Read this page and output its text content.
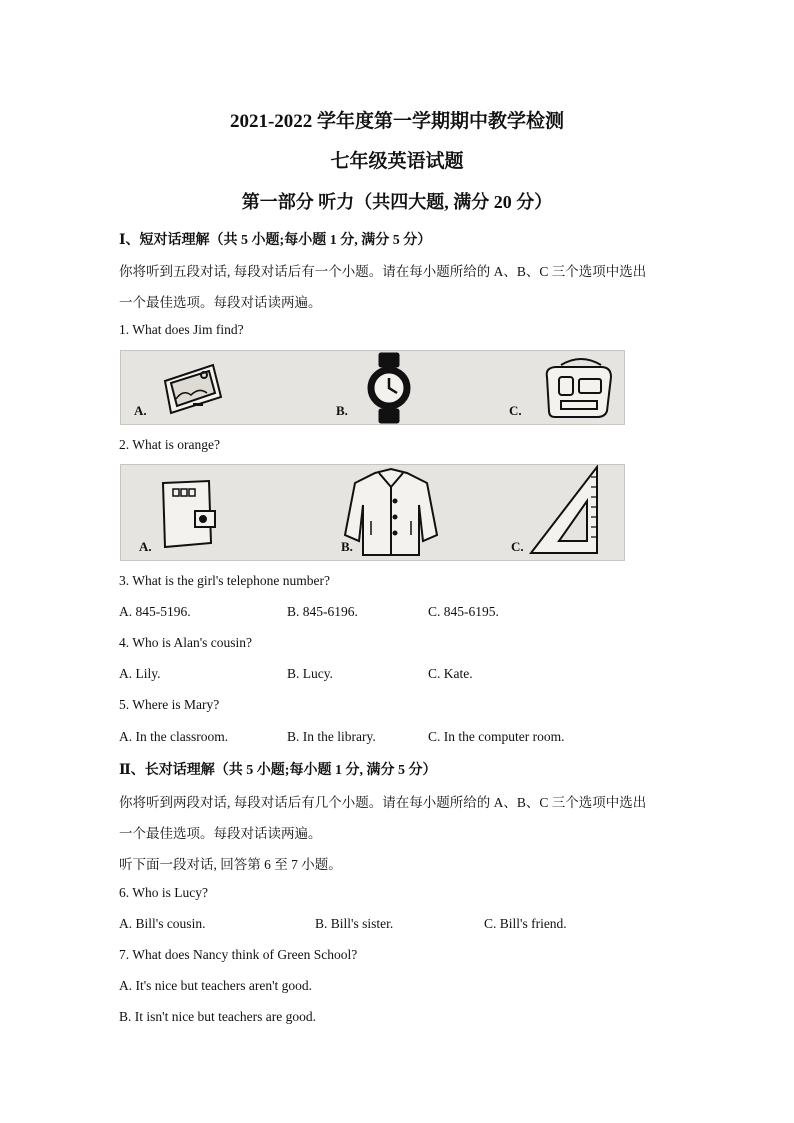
2021-2022 学年度第一学期期中教学检测
七年级英语试题
第一部分 听力（共四大题, 满分 20 分）
Ⅰ、短对话理解（共 5 小题;每小题 1 分, 满分 5 分）
你将听到五段对话, 每段对话后有一个小题。请在每小题所给的 A、B、C 三个选项中选出
一个最佳选项。每段对话读两遍。
1. What does Jim find?
A.	B.	C.
2. What is orange?
A.	B.	C.
3. What is the girl's telephone number?
A. 845-5196.	B. 845-6196.	C. 845-6195.
4. Who is Alan's cousin?
A. Lily.	B. Lucy.	C. Kate.
5. Where is Mary?
A. In the classroom.	B. In the library.	C. In the computer room.
Ⅱ、长对话理解（共 5 小题;每小题 1 分, 满分 5 分）
你将听到两段对话, 每段对话后有几个小题。请在每小题所给的 A、B、C 三个选项中选出
一个最佳选项。每段对话读两遍。
听下面一段对话, 回答第 6 至 7 小题。
6. Who is Lucy?
A. Bill's cousin.	B. Bill's sister.	C. Bill's friend.
7. What does Nancy think of Green School?
A. It's nice but teachers aren't good.
B. It isn't nice but teachers are good.
